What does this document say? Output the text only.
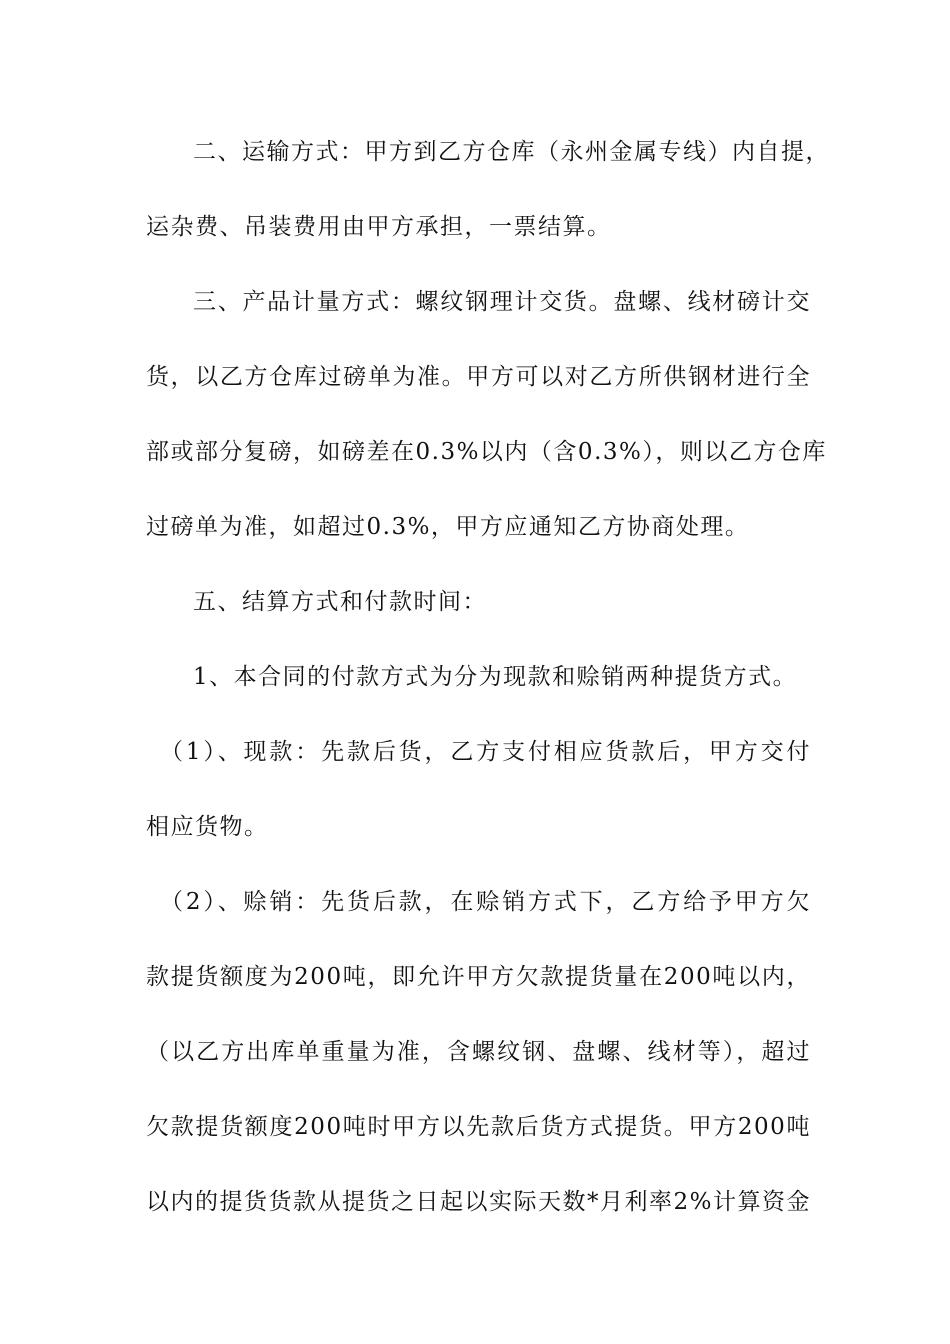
二、运输方式：甲方到乙方仓库（永州金属专线）内自提，
运杂费、吊装费用由甲方承担，一票结算。
三、产品计量方式：螺纹钢理计交货。盘螺、线材磅计交
货，以乙方仓库过磅单为准。甲方可以对乙方所供钢材进行全
部或部分复磅，如磅差在0.3%以内（含0.3%），则以乙方仓库
过磅单为准，如超过0.3%，甲方应通知乙方协商处理。
五、结算方式和付款时间：
1、本合同的付款方式为分为现款和赊销两种提货方式。
（1）、现款：先款后货，乙方支付相应货款后，甲方交付
相应货物。
（2）、赊销：先货后款，在赊销方式下，乙方给予甲方欠
款提货额度为200吨，即允许甲方欠款提货量在200吨以内，
（以乙方出库单重量为准，含螺纹钢、盘螺、线材等），超过
欠款提货额度200吨时甲方以先款后货方式提货。甲方200吨
以内的提货货款从提货之日起以实际天数*月利率2%计算资金
